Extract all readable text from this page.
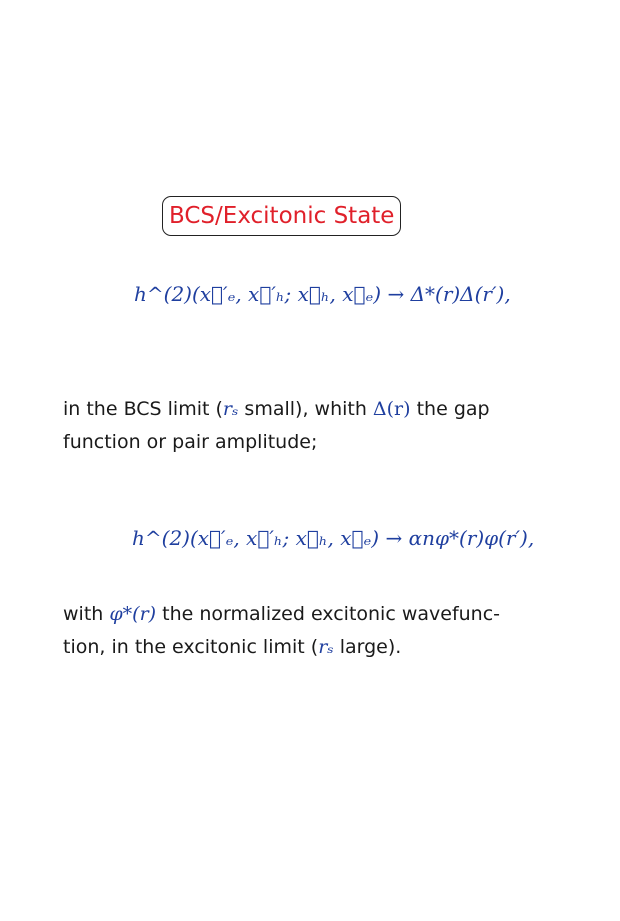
BCS/Excitonic State
h^(2)(x⃗′ₑ, x⃗′ₕ; x⃗ₕ, x⃗ₑ) → Δ*(r)Δ(r′),
in the BCS limit (rₛ small), whith Δ(r) the gap
function or pair amplitude;
h^(2)(x⃗′ₑ, x⃗′ₕ; x⃗ₕ, x⃗ₑ) → αnφ*(r)φ(r′),
with φ*(r) the normalized excitonic wavefunc-
tion, in the excitonic limit (rₛ large).
